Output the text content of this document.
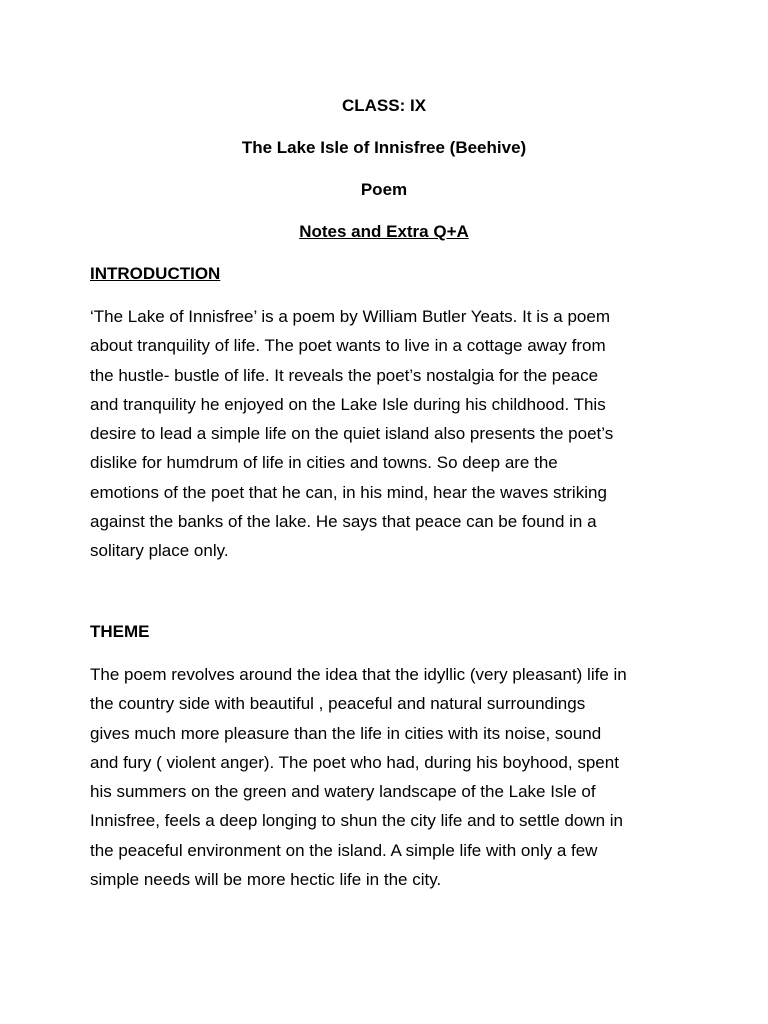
CLASS: IX
The Lake Isle of Innisfree (Beehive)
Poem
Notes and Extra Q+A
INTRODUCTION
‘The Lake of Innisfree’ is a poem by William Butler Yeats. It is a poem
about tranquility of life. The poet wants to live in a cottage away from
the hustle- bustle of life. It reveals the poet’s nostalgia for the peace
and tranquility he enjoyed on the Lake Isle during his childhood. This
desire to lead a simple life on the quiet island also presents the poet’s
dislike for humdrum of life in cities and towns. So deep are the
emotions of the poet that he can, in his mind, hear the waves striking
against the banks of the lake. He says that peace can be found in a
solitary place only.
THEME
The poem revolves around the idea that the idyllic (very pleasant) life in
the country side with beautiful , peaceful and natural surroundings
gives much more pleasure than the life in cities with its noise, sound
and fury ( violent anger). The poet who had, during his boyhood, spent
his summers on the green and watery landscape of the Lake Isle of
Innisfree, feels a deep longing to shun the city life and to settle down in
the peaceful environment on the island. A simple life with only a few
simple needs will be more hectic life in the city.
